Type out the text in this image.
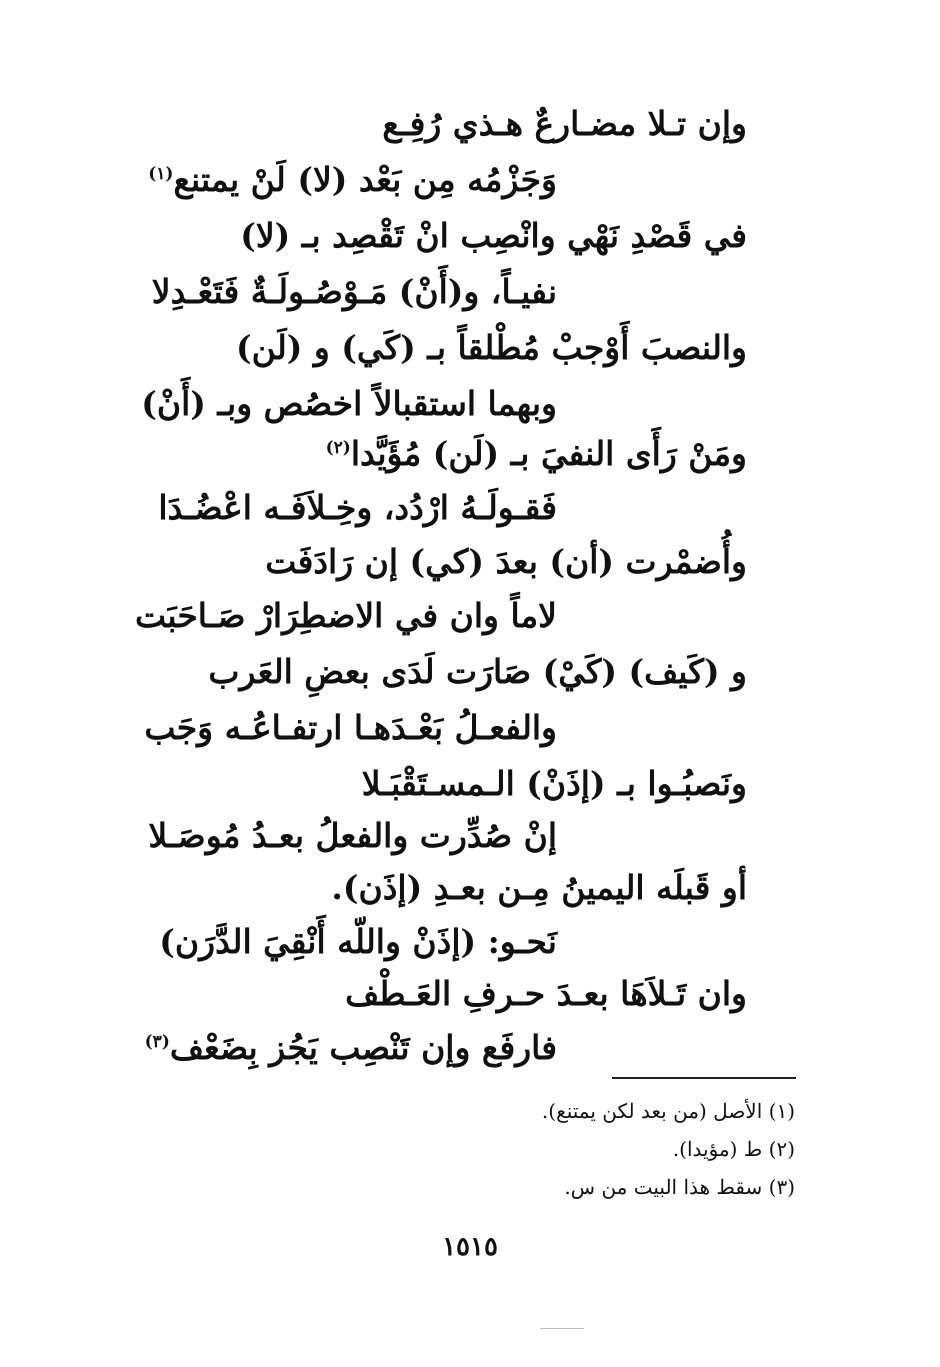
وإن تـلا مضـارعٌ هـذي رُفِـع
وَجَزْمُه مِن بَعْد (لا) لَنْ يمتنع$^{(١)}$
في قَصْدِ نَهْي وانْصِب انْ تَقْصِد بـ (لا)
نفيـاً، و(أَنْ) مَـوْصُـولَـةٌ فَتَعْـدِلا
والنصبَ أَوْجبْ مُطْلقاً بـ (كَي) و (لَن)
وبهما استقبالاً اخصُص وبـ (أَنْ)
ومَنْ رَأَى النفيَ بـ (لَن) مُؤَيَّدا$^{(٢)}$
فَقـولَـهُ ارْدُد، وخِـلاَفَـه اعْضُـدَا
وأُضمْرت (أن) بعدَ (كي) إن رَادَفَت
لاماً وان في الاضطِرَارْ صَـاحَبَت
و (كَيف) (كَيْ) صَارَت لَدَى بعضِ العَرب
والفعـلُ بَعْـدَهـا ارتفـاعُـه وَجَب
ونَصبُـوا بـ (إذَنْ) الـمسـتَقْبَـلا
إنْ صُدِّرت والفعلُ بعـدُ مُوصَـلا
أو قَبلَه اليمينُ مِـن بعـدِ (إذَن).
نَحـو: (إذَنْ واللّه أَنْقِيَ الدَّرَن)
وان تَـلاَهَا بعـدَ حـرفِ العَـطْف
فارفَع وإن تَنْصِب يَجُز بِضَعْف$^{(٣)}$
(١) الأصل (من بعد لكن يمتنع).
(٢) ط (مؤيدا).
(٣) سقط هذا البيت من س.
١٥١٥
